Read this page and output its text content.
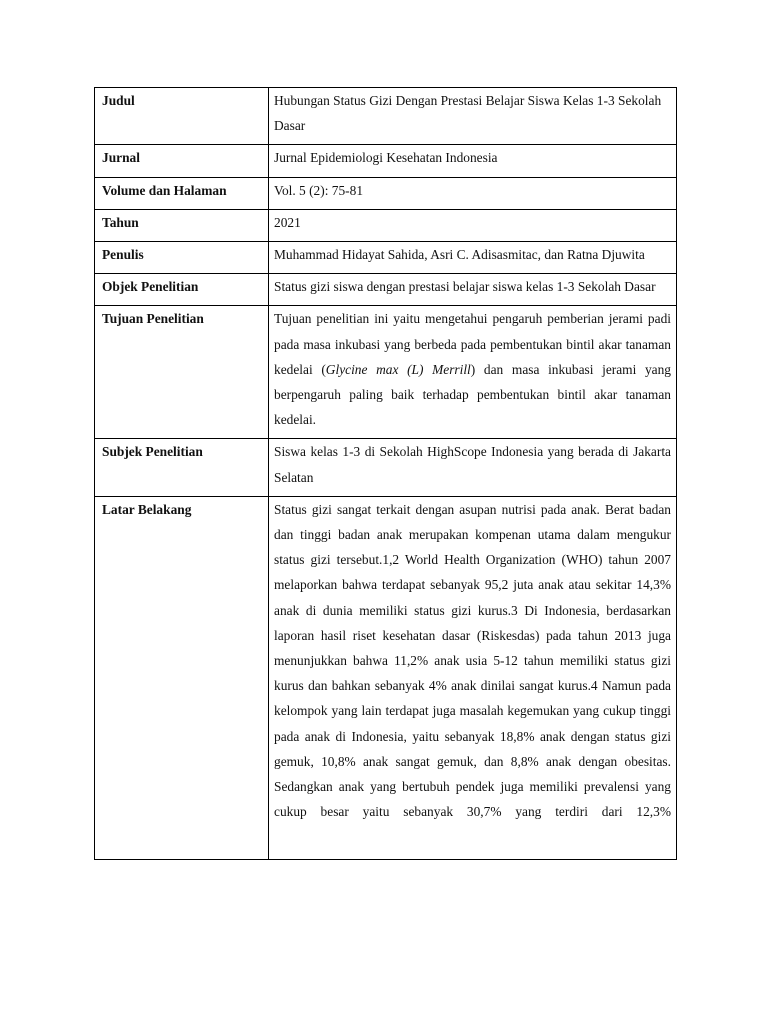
Judul	Hubungan Status Gizi Dengan Prestasi Belajar Siswa Kelas 1-3 Sekolah Dasar
Jurnal	Jurnal Epidemiologi Kesehatan Indonesia
Volume dan Halaman	Vol. 5 (2): 75-81
Tahun	2021
Penulis	Muhammad Hidayat Sahida, Asri C. Adisasmitac, dan Ratna Djuwita
Objek Penelitian	Status gizi siswa dengan prestasi belajar siswa kelas 1-3 Sekolah Dasar
Tujuan Penelitian	Tujuan penelitian ini yaitu mengetahui pengaruh pemberian jerami padi pada masa inkubasi yang berbeda pada pembentukan bintil akar tanaman kedelai (Glycine max (L) Merrill) dan masa inkubasi jerami yang berpengaruh paling baik terhadap pembentukan bintil akar tanaman kedelai.
Subjek Penelitian	Siswa kelas 1-3 di Sekolah HighScope Indonesia yang berada di Jakarta Selatan
Latar Belakang	Status gizi sangat terkait dengan asupan nutrisi pada anak. Berat badan dan tinggi badan anak merupakan kompenan utama dalam mengukur status gizi tersebut.1,2 World Health Organization (WHO) tahun 2007 melaporkan bahwa terdapat sebanyak 95,2 juta anak atau sekitar 14,3% anak di dunia memiliki status gizi kurus.3 Di Indonesia, berdasarkan laporan hasil riset kesehatan dasar (Riskesdas) pada tahun 2013 juga menunjukkan bahwa 11,2% anak usia 5-12 tahun memiliki status gizi kurus dan bahkan sebanyak 4% anak dinilai sangat kurus.4 Namun pada kelompok yang lain terdapat juga masalah kegemukan yang cukup tinggi pada anak di Indonesia, yaitu sebanyak 18,8% anak dengan status gizi gemuk, 10,8% anak sangat gemuk, dan 8,8% anak dengan obesitas. Sedangkan anak yang bertubuh pendek juga memiliki prevalensi yang cukup besar yaitu sebanyak 30,7% yang terdiri dari 12,3%
